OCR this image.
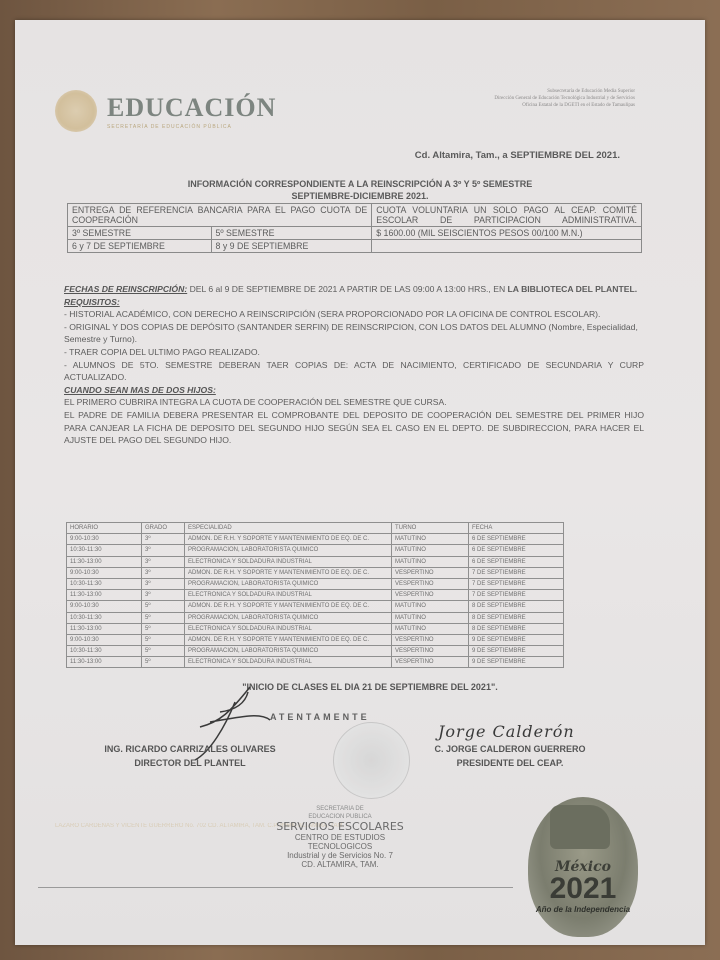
EDUCACIÓN
SECRETARÍA DE EDUCACIÓN PÚBLICA
Subsecretaría de Educación Media Superior
Dirección General de Educación Tecnológica Industrial y de Servicios
Oficina Estatal de la DGETI en el Estado de Tamaulipas
Cd. Altamira, Tam., a SEPTIEMBRE DEL 2021.
INFORMACIÓN CORRESPONDIENTE A LA REINSCRIPCIÓN A 3º Y 5º SEMESTRE
SEPTIEMBRE-DICIEMBRE 2021.
ENTREGA DE REFERENCIA BANCARIA PARA EL PAGO CUOTA DE COOPERACIÓN		CUOTA VOLUNTARIA UN SOLO PAGO AL CEAP. COMITÉ ESCOLAR DE PARTICIPACION ADMINISTRATIVA.
3º SEMESTRE	5º SEMESTRE	$ 1600.00 (MIL SEISCIENTOS PESOS 00/100 M.N.)
6 y 7 DE SEPTIEMBRE	8 y 9 DE SEPTIEMBRE	

FECHAS DE REINSCRIPCIÓN: DEL 6 al 9 DE SEPTIEMBRE DE 2021 A PARTIR DE LAS 09:00 A 13:00 HRS., EN LA BIBLIOTECA DEL PLANTEL.

REQUISITOS:

- HISTORIAL ACADÉMICO, CON DERECHO A REINSCRIPCIÓN (SERA PROPORCIONADO POR LA OFICINA DE CONTROL ESCOLAR).

- ORIGINAL Y DOS COPIAS DE DEPÓSITO (SANTANDER SERFIN) DE REINSCRIPCION, CON LOS DATOS DEL ALUMNO (Nombre, Especialidad, Semestre y Turno).

- TRAER COPIA DEL ULTIMO PAGO REALIZADO.

- ALUMNOS DE 5TO. SEMESTRE DEBERAN TAER COPIAS DE: ACTA DE NACIMIENTO, CERTIFICADO DE SECUNDARIA Y CURP ACTUALIZADO.

CUANDO SEAN MAS DE DOS HIJOS:

EL PRIMERO CUBRIRA INTEGRA LA CUOTA DE COOPERACIÓN DEL SEMESTRE QUE CURSA.

EL PADRE DE FAMILIA DEBERA PRESENTAR EL COMPROBANTE DEL DEPOSITO DE COOPERACIÓN DEL SEMESTRE DEL PRIMER HIJO PARA CANJEAR LA FICHA DE DEPOSITO DEL SEGUNDO HIJO SEGÚN SEA EL CASO EN EL DEPTO. DE SUBDIRECCION, PARA HACER EL AJUSTE DEL PAGO DEL SEGUNDO HIJO.

HORARIO	GRADO	ESPECIALIDAD	TURNO	FECHA
9:00-10:30	3º	ADMON. DE R.H. Y SOPORTE Y MANTENIMIENTO DE EQ. DE C.	MATUTINO	6 DE SEPTIEMBRE
10:30-11:30	3º	PROGRAMACION, LABORATORISTA QUIMICO	MATUTINO	6 DE SEPTIEMBRE
11:30-13:00	3º	ELECTRONICA Y SOLDADURA INDUSTRIAL	MATUTINO	6 DE SEPTIEMBRE
9:00-10:30	3º	ADMON. DE R.H. Y SOPORTE Y MANTENIMIENTO DE EQ. DE C.	VESPERTINO	7 DE SEPTIEMBRE
10:30-11:30	3º	PROGRAMACION, LABORATORISTA QUIMICO	VESPERTINO	7 DE SEPTIEMBRE
11:30-13:00	3º	ELECTRONICA Y SOLDADURA INDUSTRIAL	VESPERTINO	7 DE SEPTIEMBRE
9:00-10:30	5º	ADMON. DE R.H. Y SOPORTE Y MANTENIMIENTO DE EQ. DE C.	MATUTINO	8 DE SEPTIEMBRE
10:30-11:30	5º	PROGRAMACION, LABORATORISTA QUIMICO	MATUTINO	8 DE SEPTIEMBRE
11:30-13:00	5º	ELECTRONICA Y SOLDADURA INDUSTRIAL	MATUTINO	8 DE SEPTIEMBRE
9:00-10:30	5º	ADMON. DE R.H. Y SOPORTE Y MANTENIMIENTO DE EQ. DE C.	VESPERTINO	9 DE SEPTIEMBRE
10:30-11:30	5º	PROGRAMACION, LABORATORISTA QUIMICO	VESPERTINO	9 DE SEPTIEMBRE
11:30-13:00	5º	ELECTRONICA Y SOLDADURA INDUSTRIAL	VESPERTINO	9 DE SEPTIEMBRE
"INICIO DE CLASES EL DIA 21 DE SEPTIEMBRE DEL 2021".
ATENTAMENTE
ING. RICARDO CARRIZALES OLIVARES
DIRECTOR DEL PLANTEL
Jorge Calderón
C. JORGE CALDERON GUERRERO
PRESIDENTE DEL CEAP.
LAZARO CARDENAS Y VICENTE GUERRERO No. 702 CD. ALTAMIRA, TAM. C.P. 89600 ALTAMIRA, TAM.
SECRETARIA DE
EDUCACION PUBLICA
SERVICIOS ESCOLARES
CENTRO DE ESTUDIOS
TECNOLOGICOS
Industrial y de Servicios No. 7
CD. ALTAMIRA, TAM.	México
2021
Año de la Independencia
